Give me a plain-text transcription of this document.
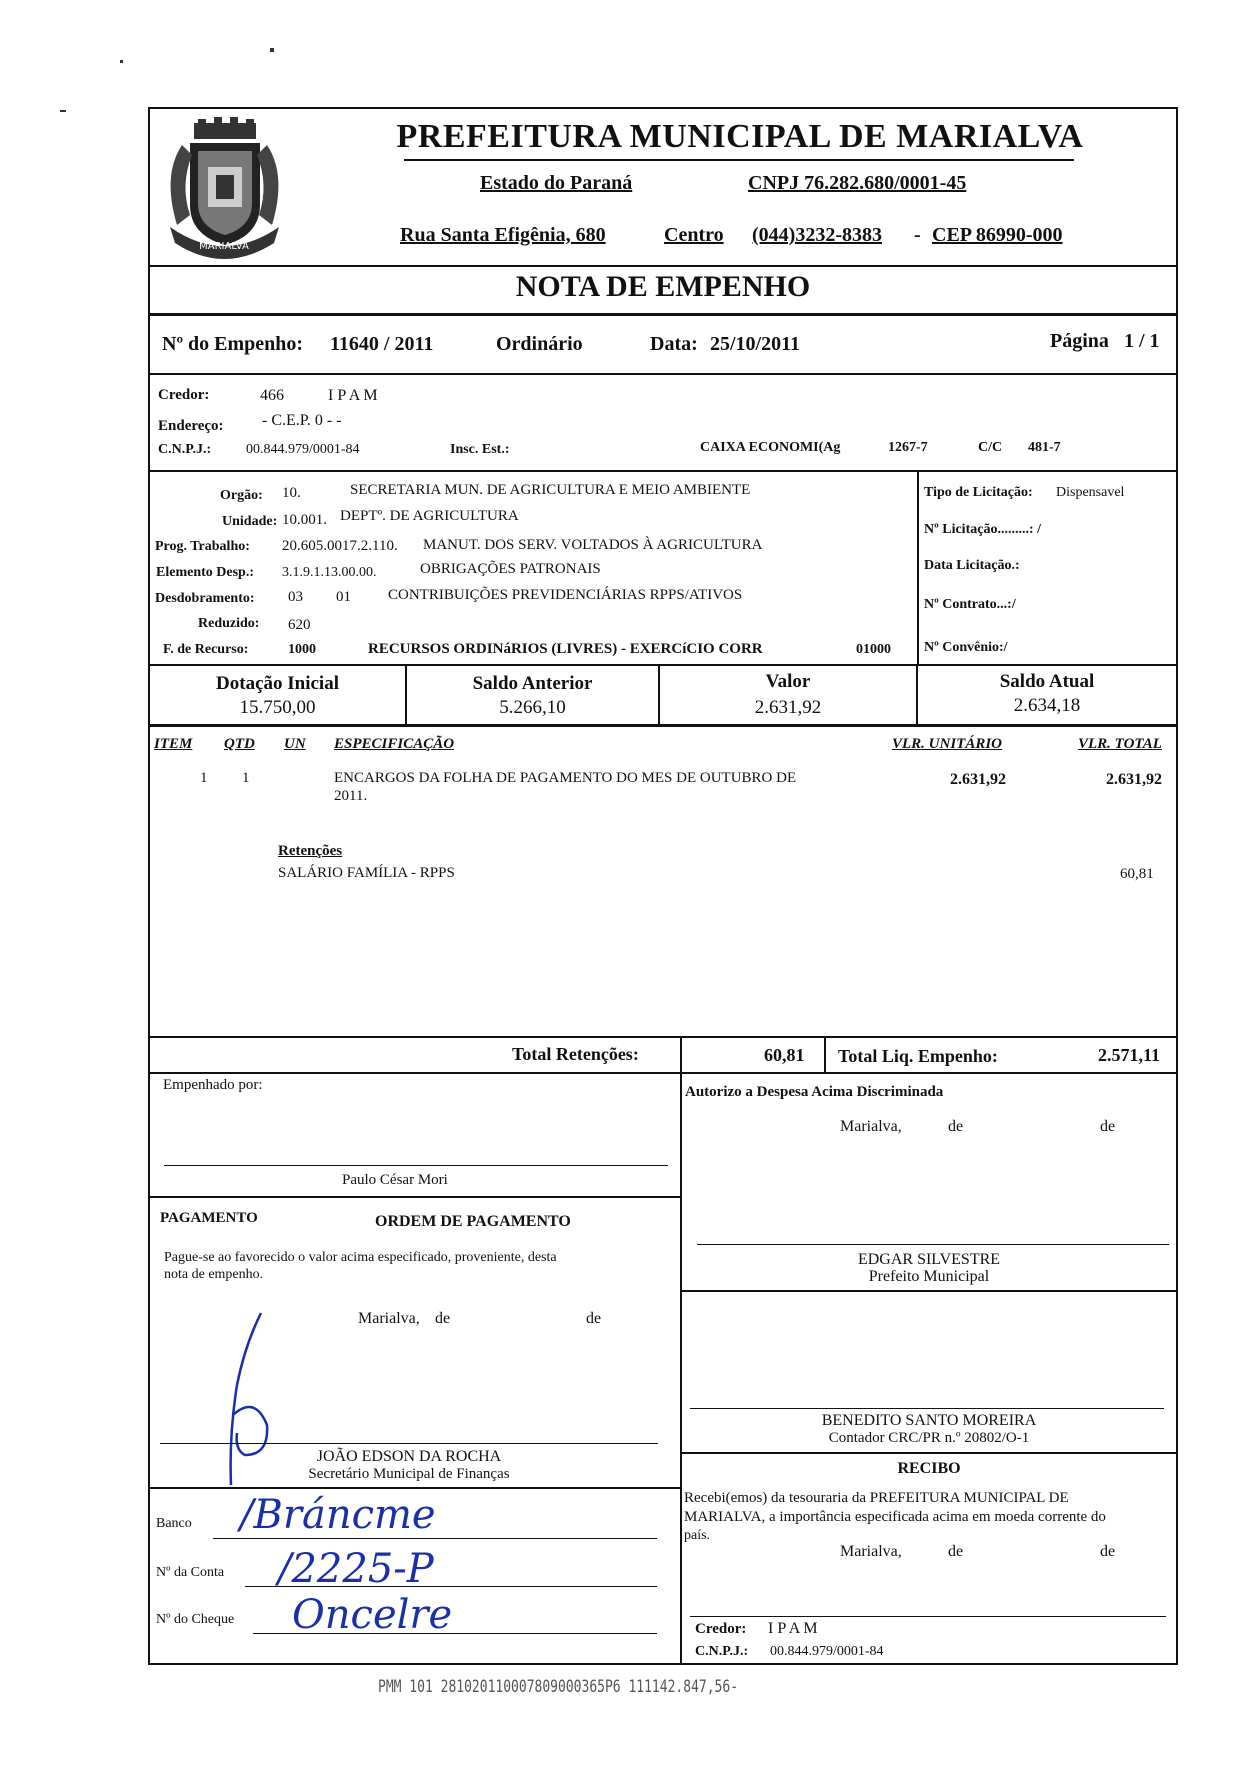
MARIALVA
PREFEITURA MUNICIPAL DE MARIALVA
Estado do Paraná	CNPJ 76.282.680/0001-45
Rua Santa Efigênia, 680	Centro (044)3232-8383 - CEP 86990-000
NOTA DE EMPENHO
Nº do Empenho: 11640 / 2011	Ordinário	Data: 25/10/2011	Página 1 / 1
Credor:	466	I P A M
Endereço: - C.E.P. 0 - -
C.N.P.J.: 00.844.979/0001-84	Insc. Est.:	CAIXA ECONOMI(Ag	1267-7	C/C 481-7
Orgão: 10.	SECRETARIA MUN. DE AGRICULTURA E MEIO AMBIENTE
Unidade: 10.001. DEPTº. DE AGRICULTURA
Prog. Trabalho: 20.605.0017.2.110. MANUT. DOS SERV. VOLTADOS À AGRICULTURA
Elemento Desp.: 3.1.9.1.13.00.00.	OBRIGAÇÕES PATRONAIS
Desdobramento: 03 01 CONTRIBUIÇÕES PREVIDENCIÁRIAS RPPS/ATIVOS
Reduzido: 620
F. de Recurso:	1000	RECURSOS ORDINáRIOS (LIVRES) - EXERCíCIO CORR	01000
Tipo de Licitação: Dispensavel
Nº Licitação.........: /
Data Licitação.:
Nº Contrato...:/
Nº Convênio:/
Dotação Inicial
15.750,00
Saldo Anterior
5.266,10
Valor
2.631,92
Saldo Atual
2.634,18
ITEM QTD UN ESPECIFICAÇÃO	VLR. UNITÁRIO	VLR. TOTAL
1 1	ENCARGOS DA FOLHA DE PAGAMENTO DO MES DE OUTUBRO DE
2011.
2.631,92	2.631,92
Retenções
SALÁRIO FAMÍLIA - RPPS	60,81
Total Retenções:	60,81 Total Liq. Empenho:	2.571,11
Empenhado por:
Paulo César Mori
Autorizo a Despesa Acima Discriminada
Marialva,	de	de
EDGAR SILVESTRE
Prefeito Municipal
PAGAMENTO	ORDEM DE PAGAMENTO
Pague-se ao favorecido o valor acima especificado, proveniente, desta
nota de empenho.
Marialva, de	de
JOÃO EDSON DA ROCHA
Secretário Municipal de Finanças
BENEDITO SANTO MOREIRA
Contador CRC/PR n.º 20802/O-1
RECIBO
Recebi(emos) da tesouraria da PREFEITURA MUNICIPAL DE
MARIALVA, a importância especificada acima em moeda corrente do
país.
Marialva,	de	de
Credor: I P A M
C.N.P.J.: 00.844.979/0001-84
Banco /Bráncme
Nº da Conta /2225-P
Nº do Cheque Oncelre
PMM 101 281020110007809000365P6 111142.847,56-
